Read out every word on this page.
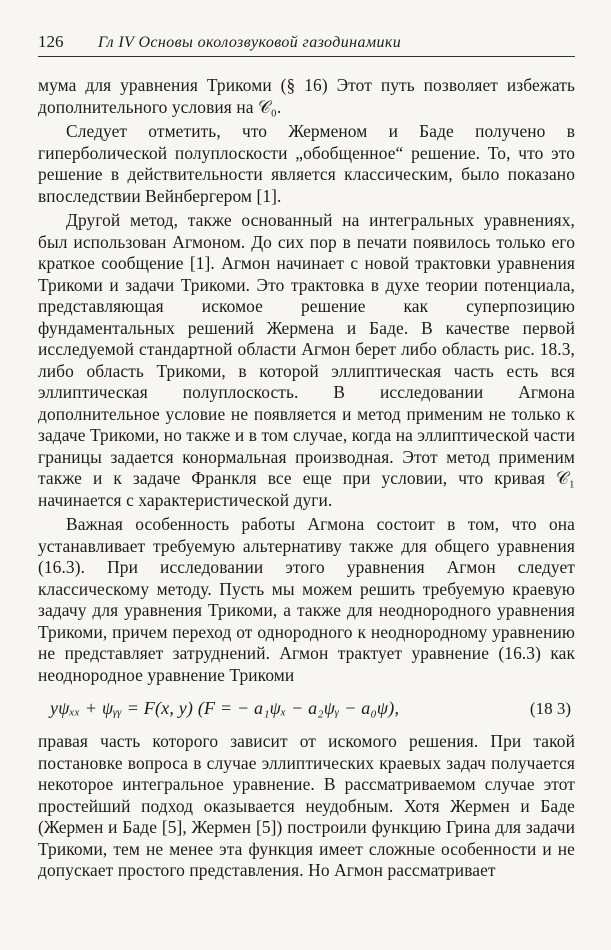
126	Гл IV Основы околозвуковой газодинамики

мума для уравнения Трикоми (§ 16) Этот путь позволяет избежать дополнительного условия на 𝒞₀.

Следует отметить, что Жерменом и Баде получено в гиперболической полуплоскости „обобщенное“ решение. То, что это решение в действительности является классическим, было показано впоследствии Вейнбергером [1].

Другой метод, также основанный на интегральных уравнениях, был использован Агмоном. До сих пор в печати появилось только его краткое сообщение [1]. Агмон начинает с новой трактовки уравнения Трикоми и задачи Трикоми. Это трактовка в духе теории потенциала, представляющая искомое решение как суперпозицию фундаментальных решений Жермена и Баде. В качестве первой исследуемой стандартной области Агмон берет либо область рис. 18.3, либо область Трикоми, в которой эллиптическая часть есть вся эллиптическая полуплоскость. В исследовании Агмона дополнительное условие не появляется и метод применим не только к задаче Трикоми, но также и в том случае, когда на эллиптической части границы задается конормальная производная. Этот метод применим также и к задаче Франкля все еще при условии, что кривая 𝒞₁ начинается с характеристической дуги.

Важная особенность работы Агмона состоит в том, что она устанавливает требуемую альтернативу также для общего уравнения (16.3). При исследовании этого уравнения Агмон следует классическому методу. Пусть мы можем решить требуемую краевую задачу для уравнения Трикоми, а также для неоднородного уравнения Трикоми, причем переход от однородного к неоднородному уравнению не представляет затруднений. Агмон трактует уравнение (16.3) как неоднородное уравнение Трикоми

yψₓₓ + ψᵧᵧ = F(x, y) (F = − a₁ψₓ − a₂ψᵧ − a₀ψ),	(18 3)

правая часть которого зависит от искомого решения. При такой постановке вопроса в случае эллиптических краевых задач получается некоторое интегральное уравнение. В рассматриваемом случае этот простейший подход оказывается неудобным. Хотя Жермен и Баде (Жермен и Баде [5], Жермен [5]) построили функцию Грина для задачи Трикоми, тем не менее эта функция имеет сложные особенности и не допускает простого представления. Но Агмон рассматривает
